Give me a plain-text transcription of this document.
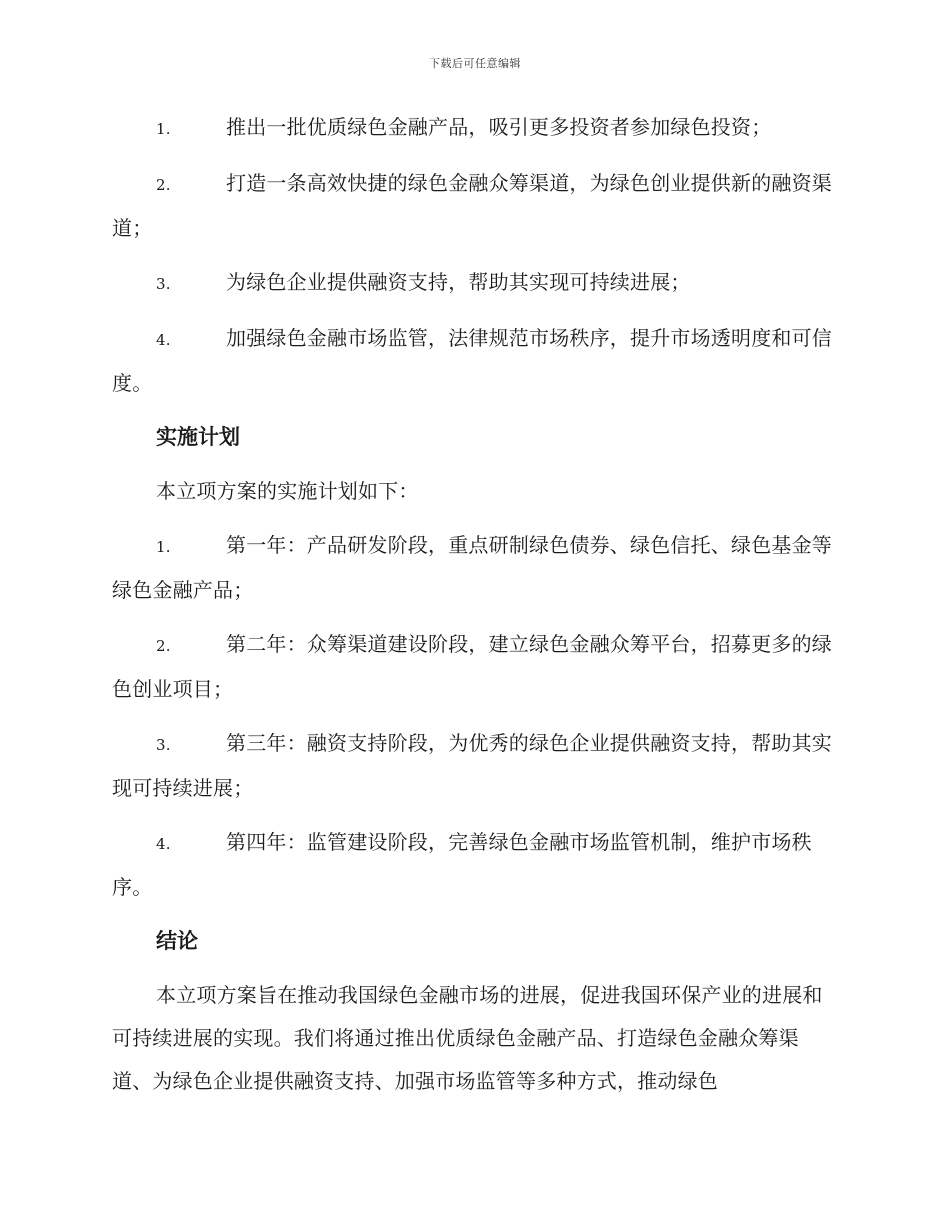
下载后可任意编辑
1.	推出一批优质绿色金融产品，吸引更多投资者参加绿色投资；
2.	打造一条高效快捷的绿色金融众筹渠道，为绿色创业提供新的融资渠道；
3.	为绿色企业提供融资支持，帮助其实现可持续进展；
4.	加强绿色金融市场监管，法律规范市场秩序，提升市场透明度和可信度。
实施计划
本立项方案的实施计划如下：
1.	第一年：产品研发阶段，重点研制绿色债券、绿色信托、绿色基金等绿色金融产品；
2.	第二年：众筹渠道建设阶段，建立绿色金融众筹平台，招募更多的绿色创业项目；
3.	第三年：融资支持阶段，为优秀的绿色企业提供融资支持，帮助其实现可持续进展；
4.	第四年：监管建设阶段，完善绿色金融市场监管机制，维护市场秩序。
结论
本立项方案旨在推动我国绿色金融市场的进展，促进我国环保产业的进展和可持续进展的实现。我们将通过推出优质绿色金融产品、打造绿色金融众筹渠道、为绿色企业提供融资支持、加强市场监管等多种方式，推动绿色
